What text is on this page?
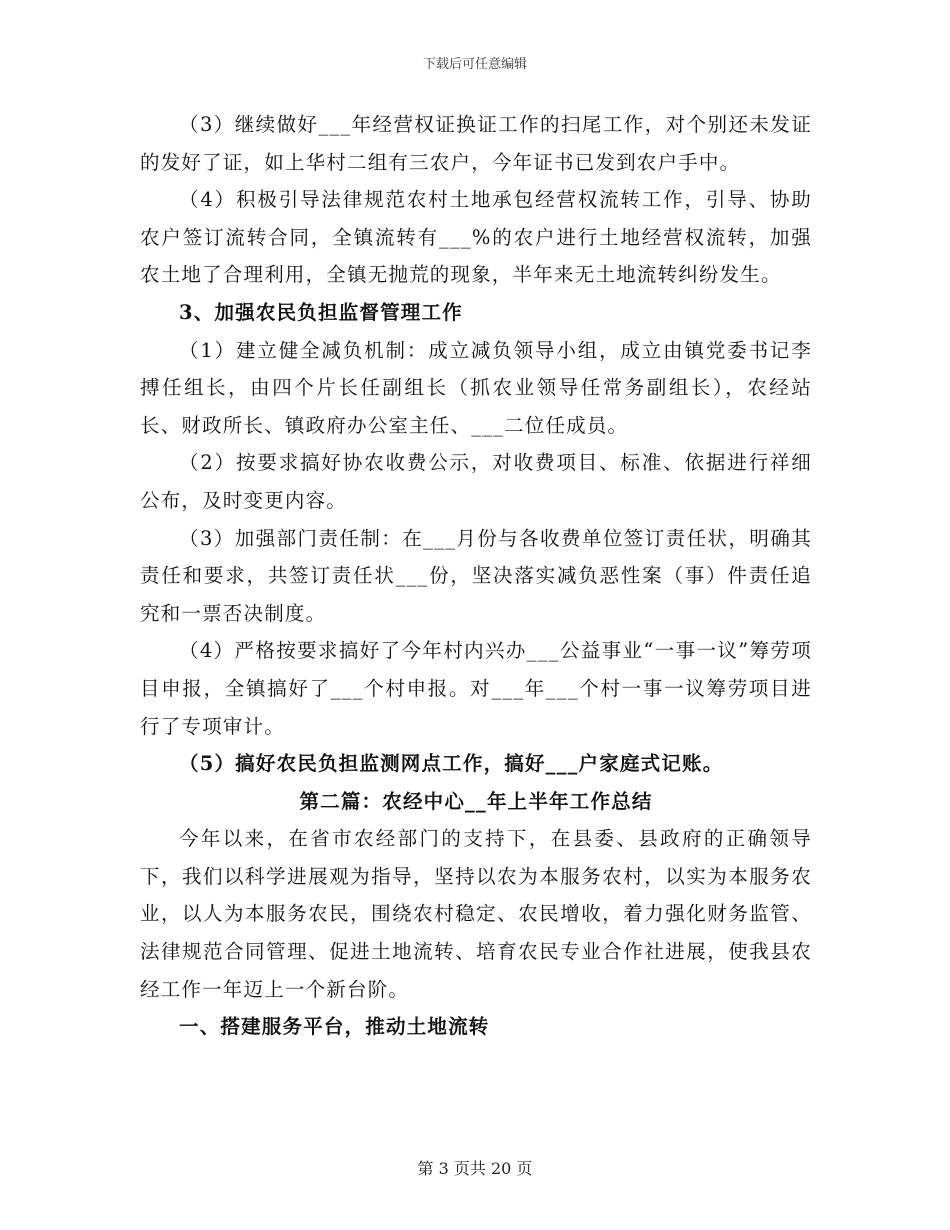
下载后可任意编辑

（3）继续做好___年经营权证换证工作的扫尾工作，对个别还未发证的发好了证，如上华村二组有三农户，今年证书已发到农户手中。

（4）积极引导法律规范农村土地承包经营权流转工作，引导、协助农户签订流转合同，全镇流转有___%的农户进行土地经营权流转，加强农土地了合理利用，全镇无抛荒的现象，半年来无土地流转纠纷发生。

3、加强农民负担监督管理工作

（1）建立健全减负机制：成立减负领导小组，成立由镇党委书记李搏任组长，由四个片长任副组长（抓农业领导任常务副组长），农经站长、财政所长、镇政府办公室主任、___二位任成员。

（2）按要求搞好协农收费公示，对收费项目、标准、依据进行祥细公布，及时变更内容。

（3）加强部门责任制：在___月份与各收费单位签订责任状，明确其责任和要求，共签订责任状___份，坚决落实减负恶性案（事）件责任追究和一票否决制度。

（4）严格按要求搞好了今年村内兴办___公益事业“一事一议”筹劳项目申报，全镇搞好了___个村申报。对___年___个村一事一议筹劳项目进行了专项审计。

（5）搞好农民负担监测网点工作，搞好___户家庭式记账。

第二篇：农经中心__年上半年工作总结

今年以来，在省市农经部门的支持下，在县委、县政府的正确领导下，我们以科学进展观为指导，坚持以农为本服务农村，以实为本服务农业，以人为本服务农民，围绕农村稳定、农民增收，着力强化财务监管、法律规范合同管理、促进土地流转、培育农民专业合作社进展，使我县农经工作一年迈上一个新台阶。

一、搭建服务平台，推动土地流转

第 3 页共 20 页
